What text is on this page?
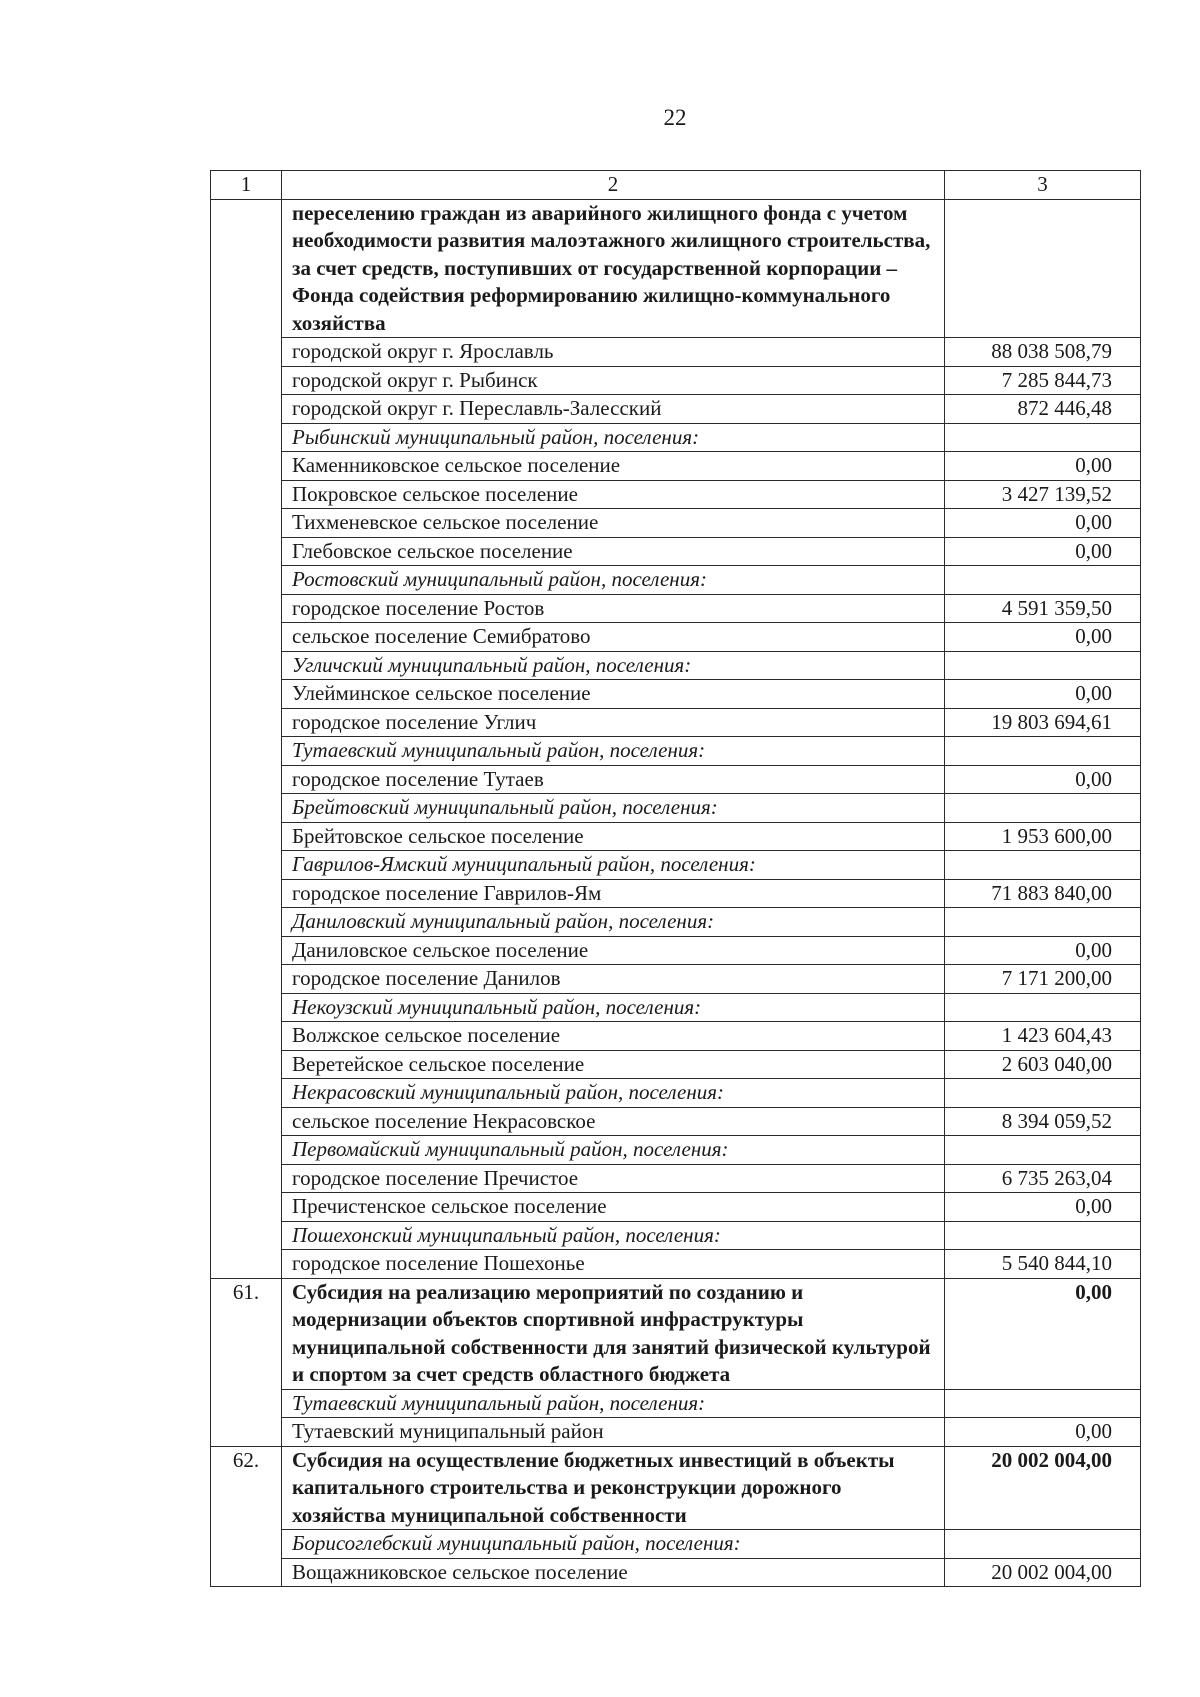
22
1	2	3
	переселению граждан из аварийного жилищного фонда с учетом необходимости развития малоэтажного жилищного строительства, за счет средств, поступивших от государственной корпорации – Фонда содействия реформированию жилищно-коммунального хозяйства	
	городской округ г. Ярославль	88 038 508,79
	городской округ г. Рыбинск	7 285 844,73
	городской округ г. Переславль-Залесский	872 446,48
	Рыбинский муниципальный район, поселения:	
	Каменниковское сельское поселение	0,00
	Покровское сельское поселение	3 427 139,52
	Тихменевское сельское поселение	0,00
	Глебовское сельское поселение	0,00
	Ростовский муниципальный район, поселения:	
	городское поселение Ростов	4 591 359,50
	сельское поселение Семибратово	0,00
	Угличский муниципальный район, поселения:	
	Улейминское сельское поселение	0,00
	городское поселение Углич	19 803 694,61
	Тутаевский муниципальный район, поселения:	
	городское поселение Тутаев	0,00
	Брейтовский муниципальный район, поселения:	
	Брейтовское сельское поселение	1 953 600,00
	Гаврилов-Ямский муниципальный район, поселения:	
	городское поселение Гаврилов-Ям	71 883 840,00
	Даниловский муниципальный район, поселения:	
	Даниловское сельское поселение	0,00
	городское поселение Данилов	7 171 200,00
	Некоузский муниципальный район, поселения:	
	Волжское сельское поселение	1 423 604,43
	Веретейское сельское поселение	2 603 040,00
	Некрасовский муниципальный район, поселения:	
	сельское поселение Некрасовское	8 394 059,52
	Первомайский муниципальный район, поселения:	
	городское поселение Пречистое	6 735 263,04
	Пречистенское сельское поселение	0,00
	Пошехонский муниципальный район, поселения:	
	городское поселение Пошехонье	5 540 844,10
61.	Субсидия на реализацию мероприятий по созданию и модернизации объектов спортивной инфраструктуры муниципальной собственности для занятий физической культурой и спортом за счет средств областного бюджета	0,00
	Тутаевский муниципальный район, поселения:	
	Тутаевский муниципальный район	0,00
62.	Субсидия на осуществление бюджетных инвестиций в объекты капитального строительства и реконструкции дорожного хозяйства муниципальной собственности	20 002 004,00
	Борисоглебский муниципальный район, поселения:	
	Вощажниковское сельское поселение	20 002 004,00
